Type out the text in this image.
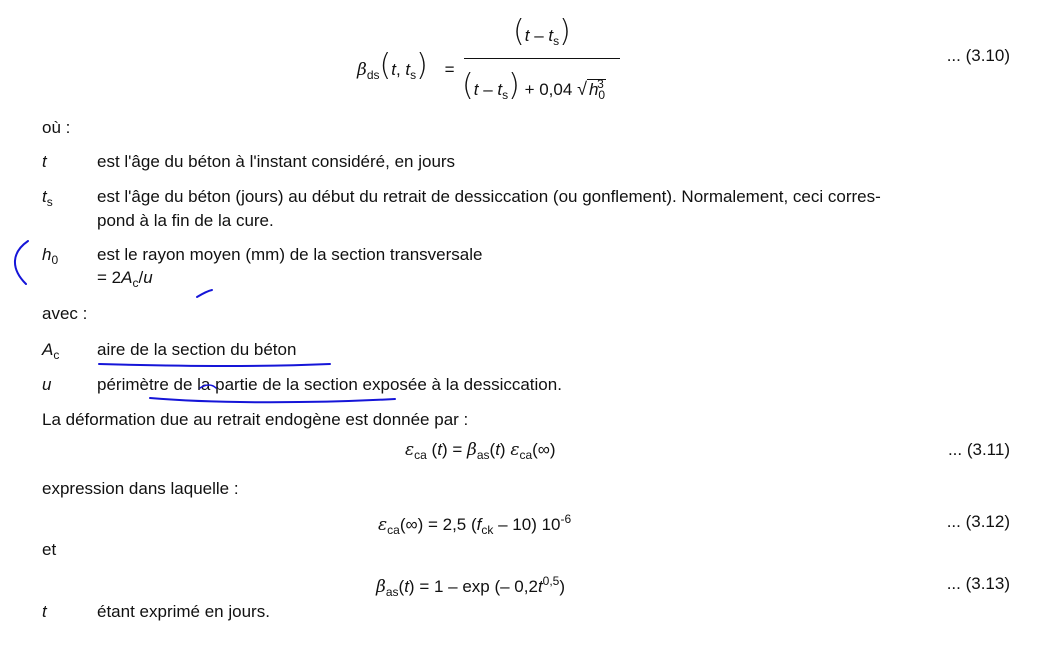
$\beta_{ds}(t$, $t_s$) =
$(t - t_s)$
$(t - t_s) + 0,04$ √ $h_0^3$
... (3.10)
où :
t	est l'âge du béton à l'instant considéré, en jours
$t_s$	est l'âge du béton (jours) au début du retrait de dessiccation (ou gonflement). Normalement, ceci corres-
pond à la fin de la cure.
$h_0$ est le rayon moyen (mm) de la section transversale
= $2A_c/u$
avec :
$A_c$ aire de la section du béton
u	périmètre de la partie de la section exposée à la dessiccation.
La déformation due au retrait endogène est donnée par :
$\varepsilon_{ca}$ $(t) = \beta_{as}(t)$ $\varepsilon_{ca}(\infty)$	... (3.11)
expression dans laquelle :
$\varepsilon_{ca}(\infty) = 2,5$ $(f_{ck} - 10)$ $10^{-6}$	... (3.12)
et
$\beta_{as}(t) = 1 - \exp$ (– $0,2t^{0,5}$)	... (3.13)
t	étant exprimé en jours.
